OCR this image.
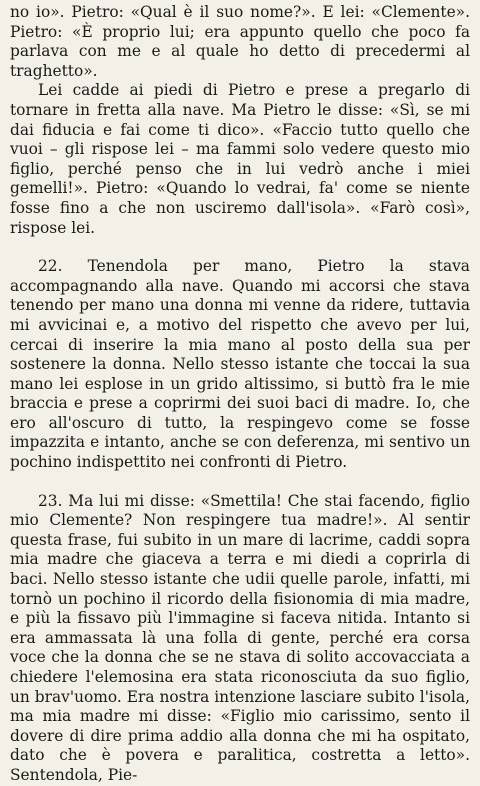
no io». Pietro: «Qual è il suo nome?». E lei: «Clemente». Pietro: «È proprio lui; era appunto quello che poco fa parlava con me e al quale ho detto di precedermi al traghetto».

Lei cadde ai piedi di Pietro e prese a pregarlo di tornare in fretta alla nave. Ma Pietro le disse: «Sì, se mi dai fiducia e fai come ti dico». «Faccio tutto quello che vuoi – gli rispose lei – ma fammi solo vedere questo mio figlio, perché penso che in lui vedrò anche i miei gemelli!». Pietro: «Quando lo vedrai, fa' come se niente fosse fino a che non usciremo dall'isola». «Farò così», rispose lei.

22. Tenendola per mano, Pietro la stava accompagnando alla nave. Quando mi accorsi che stava tenendo per mano una donna mi venne da ridere, tuttavia mi avvicinai e, a motivo del rispetto che avevo per lui, cercai di inserire la mia mano al posto della sua per sostenere la donna. Nello stesso istante che toccai la sua mano lei esplose in un grido altissimo, si buttò fra le mie braccia e prese a coprirmi dei suoi baci di madre. Io, che ero all'oscuro di tutto, la respingevo come se fosse impazzita e intanto, anche se con deferenza, mi sentivo un pochino indispettito nei confronti di Pietro.

23. Ma lui mi disse: «Smettila! Che stai facendo, figlio mio Clemente? Non respingere tua madre!». Al sentir questa frase, fui subito in un mare di lacrime, caddi sopra mia madre che giaceva a terra e mi diedi a coprirla di baci. Nello stesso istante che udii quelle parole, infatti, mi tornò un pochino il ricordo della fisionomia di mia madre, e più la fissavo più l'immagine si faceva nitida. Intanto si era ammassata là una folla di gente, perché era corsa voce che la donna che se ne stava di solito accovacciata a chiedere l'elemosina era stata riconosciuta da suo figlio, un brav'uomo. Era nostra intenzione lasciare subito l'isola, ma mia madre mi disse: «Figlio mio carissimo, sento il dovere di dire prima addio alla donna che mi ha ospitato, dato che è povera e paralitica, costretta a letto». Sentendola, Pie-
